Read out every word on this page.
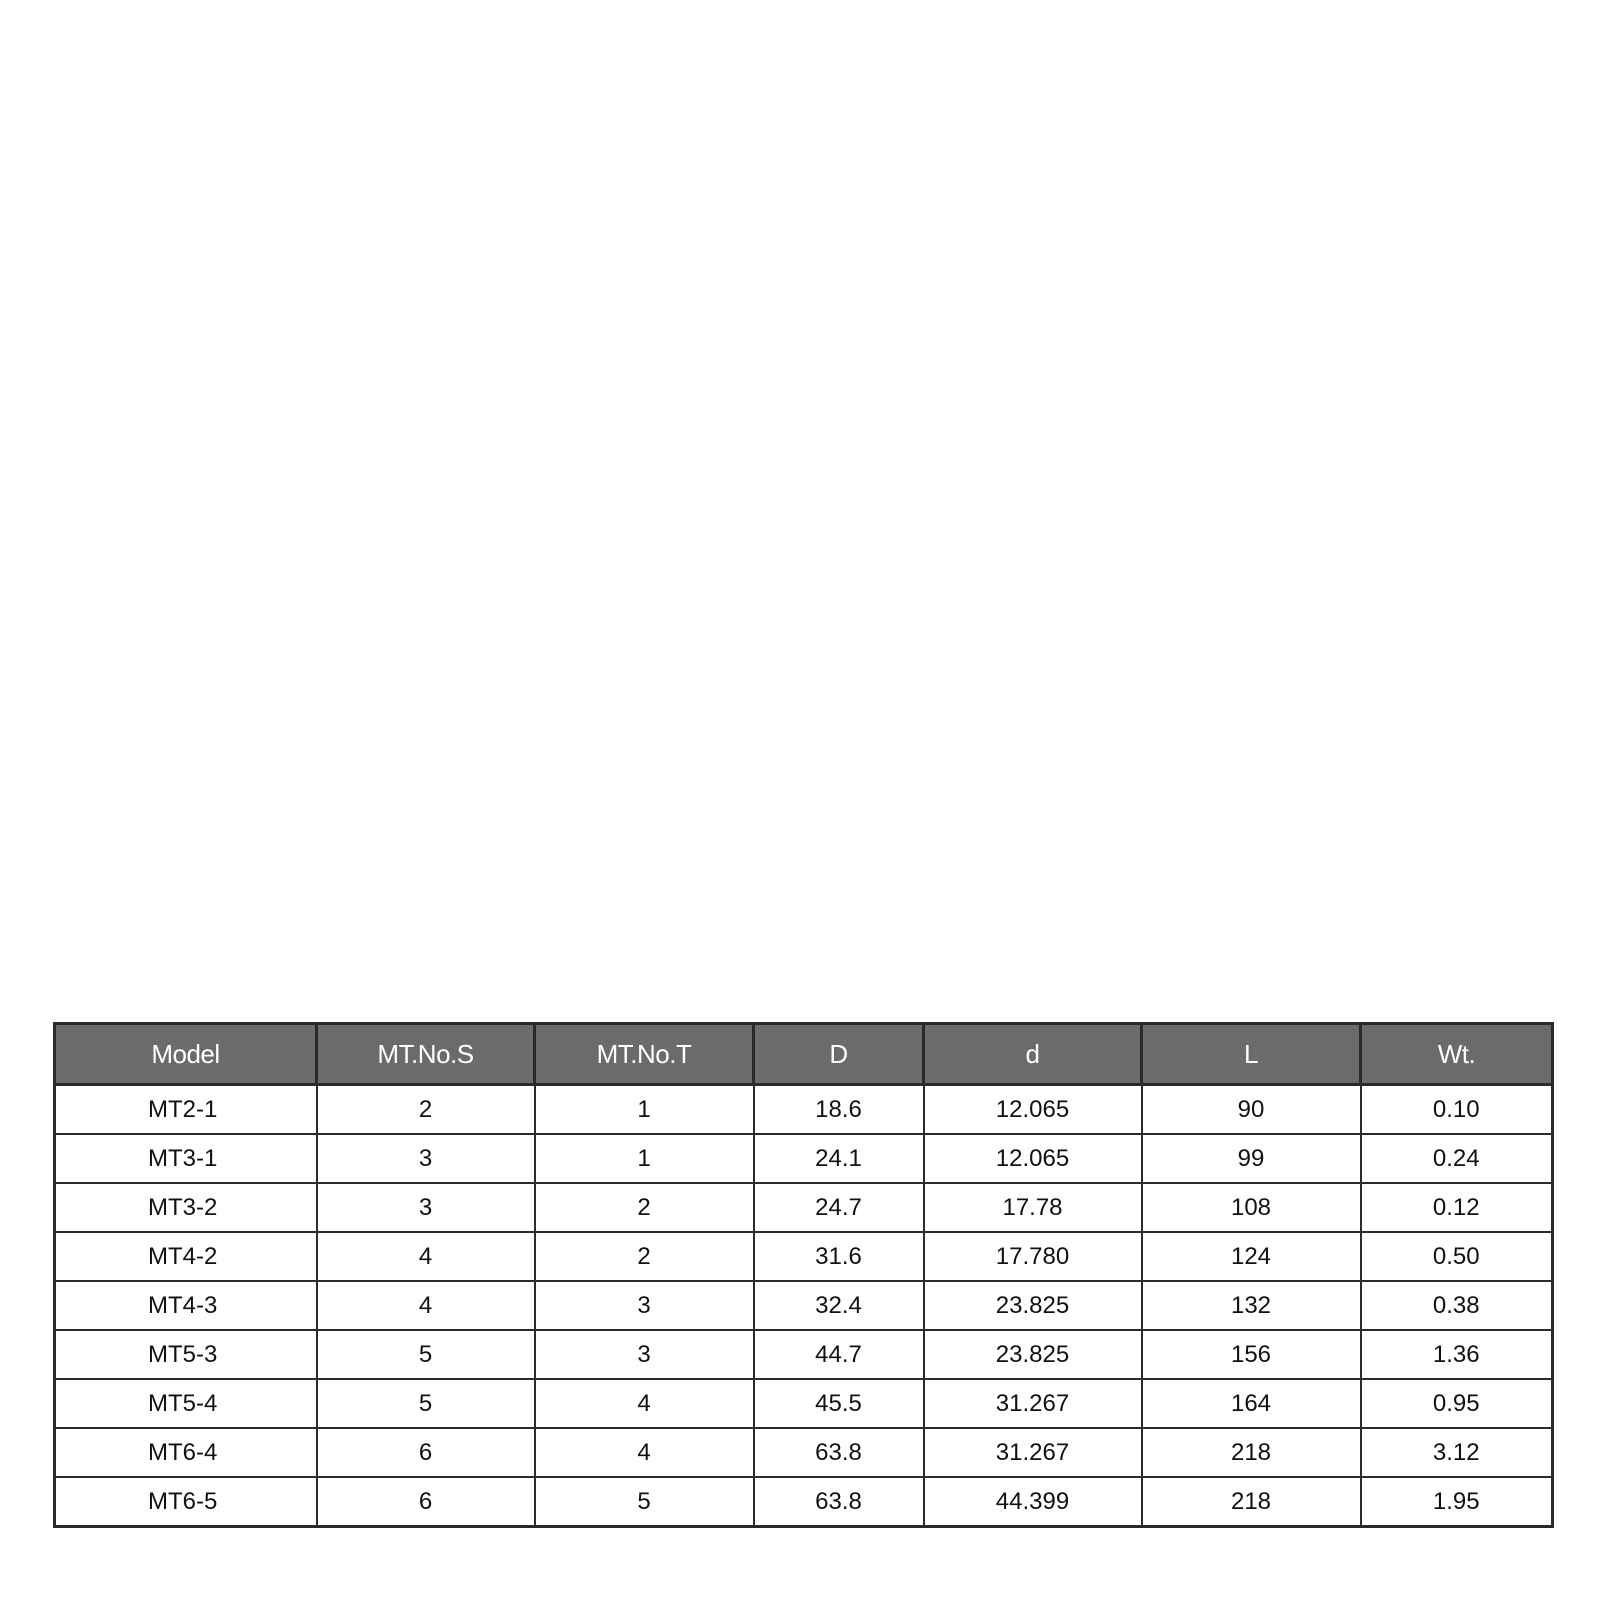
Model	MT.No.S	MT.No.T	D	d	L	Wt.
MT2-1	2	1	18.6	12.065	90	0.10
MT3-1	3	1	24.1	12.065	99	0.24
MT3-2	3	2	24.7	17.78	108	0.12
MT4-2	4	2	31.6	17.780	124	0.50
MT4-3	4	3	32.4	23.825	132	0.38
MT5-3	5	3	44.7	23.825	156	1.36
MT5-4	5	4	45.5	31.267	164	0.95
MT6-4	6	4	63.8	31.267	218	3.12
MT6-5	6	5	63.8	44.399	218	1.95
